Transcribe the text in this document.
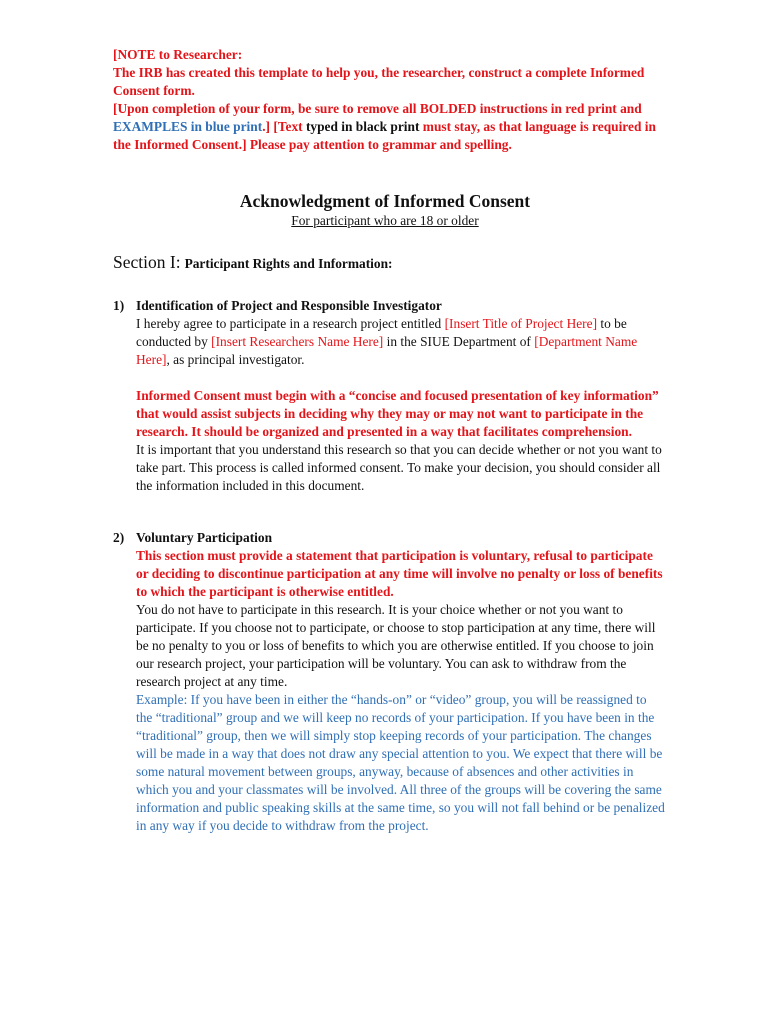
[NOTE to Researcher:

The IRB has created this template to help you, the researcher, construct a complete Informed Consent form.

[Upon completion of your form, be sure to remove all BOLDED instructions in red print and EXAMPLES in blue print.] [Text typed in black print must stay, as that language is required in the Informed Consent.] Please pay attention to grammar and spelling.

Acknowledgment of Informed Consent
For participant who are 18 or older
Section I: Participant Rights and Information:
1) Identification of Project and Responsible Investigator

I hereby agree to participate in a research project entitled [Insert Title of Project Here] to be conducted by [Insert Researchers Name Here] in the SIUE Department of [Department Name Here], as principal investigator.

Informed Consent must begin with a “concise and focused presentation of key information” that would assist subjects in deciding why they may or may not want to participate in the research. It should be organized and presented in a way that facilitates comprehension.

It is important that you understand this research so that you can decide whether or not you want to take part. This process is called informed consent. To make your decision, you should consider all the information included in this document.

2) Voluntary Participation

This section must provide a statement that participation is voluntary, refusal to participate or deciding to discontinue participation at any time will involve no penalty or loss of benefits to which the participant is otherwise entitled.

You do not have to participate in this research. It is your choice whether or not you want to participate. If you choose not to participate, or choose to stop participation at any time, there will be no penalty to you or loss of benefits to which you are otherwise entitled. If you choose to join our research project, your participation will be voluntary. You can ask to withdraw from the research project at any time.

Example: If you have been in either the “hands-on” or “video” group, you will be reassigned to the “traditional” group and we will keep no records of your participation. If you have been in the “traditional” group, then we will simply stop keeping records of your participation. The changes will be made in a way that does not draw any special attention to you. We expect that there will be some natural movement between groups, anyway, because of absences and other activities in which you and your classmates will be involved. All three of the groups will be covering the same information and public speaking skills at the same time, so you will not fall behind or be penalized in any way if you decide to withdraw from the project.
